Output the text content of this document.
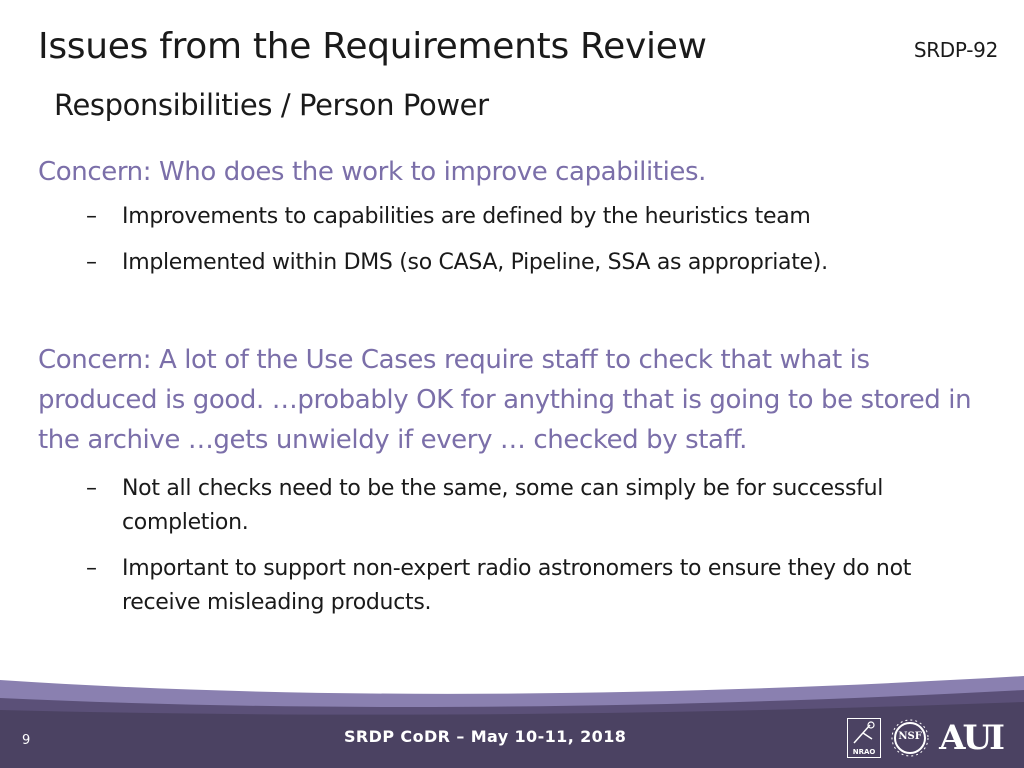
Issues from the Requirements Review	SRDP-92
Responsibilities / Person Power

Concern: Who does the work to improve capabilities.

– Improvements to capabilities are defined by the heuristics team
– Implemented within DMS (so CASA, Pipeline, SSA as appropriate).

Concern: A lot of the Use Cases require staff to check that what is produced is good. …probably OK for anything that is going to be stored in the archive …gets unwieldy if every … checked by staff.

– Not all checks need to be the same, some can simply be for successful completion.
– Important to support non-expert radio astronomers to ensure they do not receive misleading products.
9	SRDP CoDR – May 10-11, 2018
NRAO
NSF AUI
